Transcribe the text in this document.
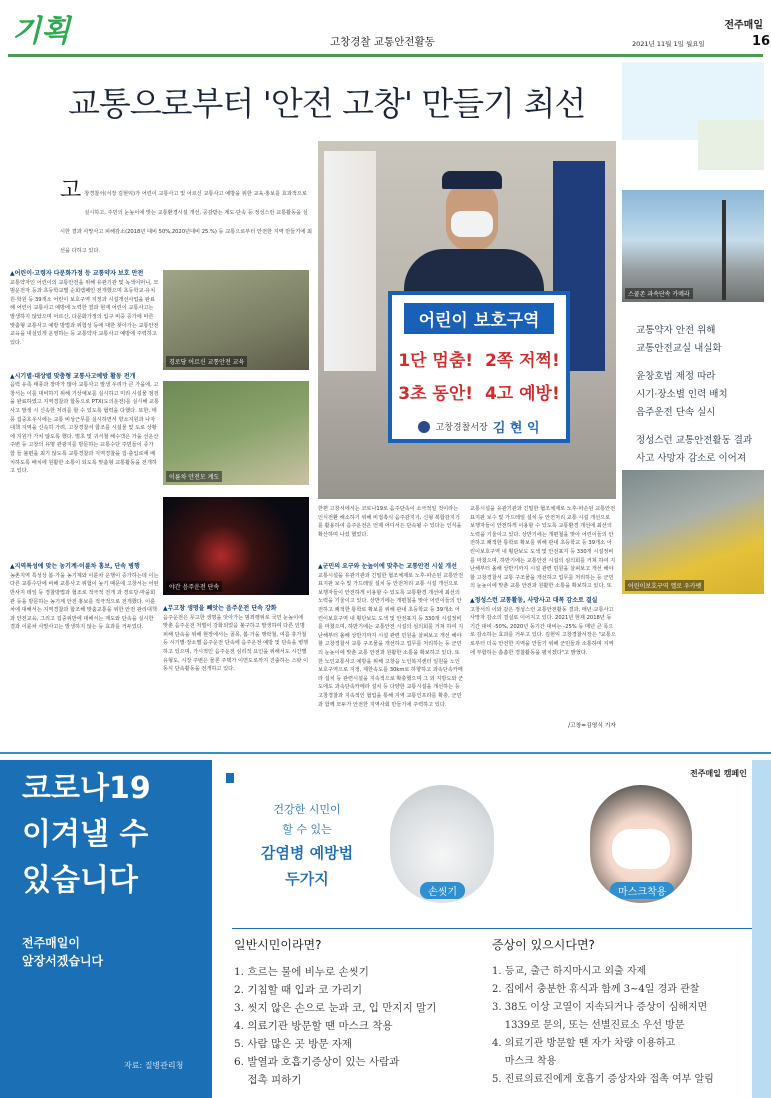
기획	고창경찰 교통안전활동
전주매일
2021년 11월 1일 월요일	16
교통으로부터 '안전 고창' 만들기 최선
고 창경찰서(서장 김현익)가 어린이 교통사고 및 어르신 교통사고 예방을 위한 교육·홍보를 효과적으로 실시하고, 주민의 눈높이에 맞는 교통환경시설 개선, 공감받는 계도·단속 등 정성스런 교통활동을 실시한 결과 사망사고 피해감소(2018년 대비 50%,2020년대비 25.%) 등 교통으로부터 안전한 지역 만들기에 최선을 다하고 있다.
어린이 보호구역
1단 멈춤! 2쪽 저쩍!
3초 동안! 4고 예방!
고창경찰서장 김 현 익
스쿨존 과속단속 카메라
교통약자 안전 위해
교통안전교실 내실화
윤창호법 제정 따라
시기·장소별 인력 배치
음주운전 단속 실시
정성스런 교통안전활동 결과
사고 사망자 감소로 이어져
어린이보호구역 옐로 우카펫
경로당 어르신 교통안전 교육
이륜차 안전모 계도
야간 음주운전 단속
▲어린이·고령자 다문화가정 등 교통약자 보호 만전
교통약자인 어린이의 교통안전을 위해 유관기관 및 녹색어머니, 모범운전자 등과 초등학교별 순회캠페인 전개했으며 초등학교·유치원·학원 등 39개소 어린이 보호구역 지정과 시설개선사업을 완료해 어린이 교통사고 예방에 노력한 결과 현재 어린이 교통사고는 발생하지 않았으며 어르신, 다문화가정의 입구 비중 증가에 따른 맞춤형 교통사고 예방 방법과 위험성 등에 대한 찾아가는 교통안전교육을 내실있게 운영하는 등 교통약자 교통사고 예방에 주력하고 있다.
▲시기별·대상별 맞춤형 교통사고예방 활동 전개
음력 유족 태풍과 장마가 많아 교통사고 발생 우려가 큰 가을에, 고창서는 이를 대비하기 위해 기상예보를 실시하고 미리 시설물 점검을 완료하였고 지역경찰과 합동으로 PTX(도의운전)를 실시해 교통사고 발생 시 신속한 처리를 할 수 있도록 협력을 다했다. 또한, 태풍 집중호우시에는 교통 비상근무를 실시하면서 향소지원과 나자대책 지역을 신속히 가려, 고창경찰서 합조를 시설물 및 도로 상황에 지원가 가치 않도록 했다. 벌초 및 귀서철 해수객은 가을 선운산 주변 등 고창의 유명 관광지를 방문하는 교통수단 주민들이 증가 함 들 불편을 최기 않도록 교통경찰과 지역경찰을 집·출입로에 배치하도록 배치에 원활한 소통이 되도록 맞춤형 교통활동을 전개하고 있다.
▲지역특성에 맞는 농기계·이륜차 홍보, 단속 병행
농촌지역 특성상 봄·가을 농기계와 이륜차 운행이 증가하는데 이는 다른 교통수단에 비해 교통사고 위험이 높기 때문에 고창서는 어떤 반사지 테잎 등 경찰방법과 협조로 적극적 전개 과 경로당·마을회관 등을 방문하는 농기계 안전 홍보를 적극적으로 전개했다. 이륜차에 대해서는 지역경찰과 합조해 맞춤교통을 위한 안전 관리대책과 안전교육, 그리고 집중위반에 대해서는 계도와 단속을 실시한 결과 이륜차 사망사고는 발생하지 않는 등 효과를 거두었다.
▲무고창 생명을 빼앗는 음주운전 단속 강화
음주운전은 무고한 생명을 앗아가는 범죄행위로 국민 눈높이에 맞춘 음주운전 처벌이 강화되었음 불구하고 발생하여 다른 인명피해 단속을 위해 현장에서는 골목, 봄·가을 행락철, 여름 휴가철 등 시기별·장소별 음주운전 단속에 음주운전 예방 및 단속을 병행하고 있으며, 가시적인 음주운전 심리적 요인을 위해서도 시간별 유형도, 시장 주변은 물론 주택가 이면도로까지 진출하는 스팟 이동식 단속활동을 전개하고 있다.
한편 고창서에서는 코로나19로 음주단속이 소극적일 것이라는 인식전환 해소하기 위해 비접촉식 음주감지기, 신형 복합감지기를 활용하여 음주운전은 언제 어디서든 단속될 수 있다는 인식을 확산하며 나섰 했었다.
▲군민의 요구와 눈높이에 맞추는 교통안전 시설 개선
교통시설을 유관기관과 긴밀한 협조체제로 노후·파손된 교통안전표지판 보수 및 가드레일 설치 등 안전처리 교통 시설 개선으로 보행자들이 안전하게 이용할 수 있도록 교통환경 개선에 최선의 노력을 기울이고 있다. 상반기에는 개편철을 맞아 어린이들의 안전하고 쾌적한 통학로 확보를 위해 관내 초등학교 등 39개소 어린이보호구역 내 횡단보도 도색 및 안전표지 등 330개 시설정비를 마쳤으며, 하반기에는 교통안전 시설의 심의회를 거쳐 하여 지난해부터 올해 상반기까지 시설 관련 민원을 살펴보고 개선 해야할 고창경찰서 교통 구조물을 개선하고 업무를 처리하는 등 군민의 눈높이에 맞춘 교통 안전과 원활한 소통을 확보하고 있다. 또한 노인교통사고 예방을 위해 고창읍 노인복지센터 일원을 노인보호구역으로 지정, 제한속도를 30km로 하향하고 과속단속카메라 설치 등 관련시설을 지속적으로 확충했으며 그 외 지방도와 군도에도 과속단속카메라 설치 등 다양한 교통시설을 개선하는 등 고창경찰과 지속적인 협업을 통해 지역 교통인프라를 확충, 군민과 함께 모두가 안전한 지역사회 만들기에 주력하고 있다.
교통시설을 유관기관과 긴밀한 협조체제로 노후·파손된 교통안전표지판 보수 및 가드레일 설치 등 안전처리 교통 시설 개선으로 보행자들이 안전하게 이용할 수 있도록 교통환경 개선에 최선의 노력을 기울이고 있다. 상반기에는 개편철을 맞아 어린이들의 안전하고 쾌적한 통학로 확보를 위해 관내 초등학교 등 39개소 어린이보호구역 내 횡단보도 도색 및 안전표지 등 330개 시설정비를 마쳤으며, 하반기에는 교통안전 시설의 심의회를 거쳐 하여 지난해부터 올해 상반기까지 시설 관련 민원을 살펴보고 개선 해야할 고창경찰서 교통 구조물을 개선하고 업무를 처리하는 등 군민의 눈높이에 맞춘 교통 안전과 원활한 소통을 확보하고 있다. 또
▲정성스런 교통활동, 사망사고 대폭 감소로 결실
고창서의 이와 같은 정성스런 교통안전활동 결과, 매년 교통사고 사망자 감소의 결실로 이어지고 있다. 2021년 현재 2018년 동기간 대비 -50%, 2020년 동기간 대비는 -25% 등 매년 큰 폭으로 감소하는 효과를 거두고 있다. 김현익 고창경찰서장은 "교통으로부터 더욱 안전한 지역을 만들기 위해 군민들과 소통하며 지역에 부합하는 촘촘한 경찰활동을 펼치겠다"고 밝혔다.
/고창=김영식 기자
코로나19
이겨낼 수
있습니다
전주매일이
앞장서겠습니다
자료: 질병관리청
전주매일 캠페인
건강한 시민이
할 수 있는
감염병 예방법
두가지
손씻기	마스크착용
일반시민이라면?
1. 흐르는 물에 비누로 손씻기
2. 기침할 때 입과 코 가리기
3. 씻지 않은 손으로 눈과 코, 입 만지지 말기
4. 의료기관 방문할 땐 마스크 착용
5. 사람 많은 곳 방문 자제
6. 발열과 호흡기증상이 있는 사람과
접촉 피하기
증상이 있으시다면?
1. 등교, 출근 하지마시고 외출 자제
2. 집에서 충분한 휴식과 함께 3~4일 경과 관찰
3. 38도 이상 고열이 지속되거나 증상이 심해지면
1339로 문의, 또는 선별진료소 우선 방문
4. 의료기관 방문할 땐 자가 차량 이용하고
마스크 착용
5. 진료의료진에게 호흡기 증상자와 접촉 여부 알림
